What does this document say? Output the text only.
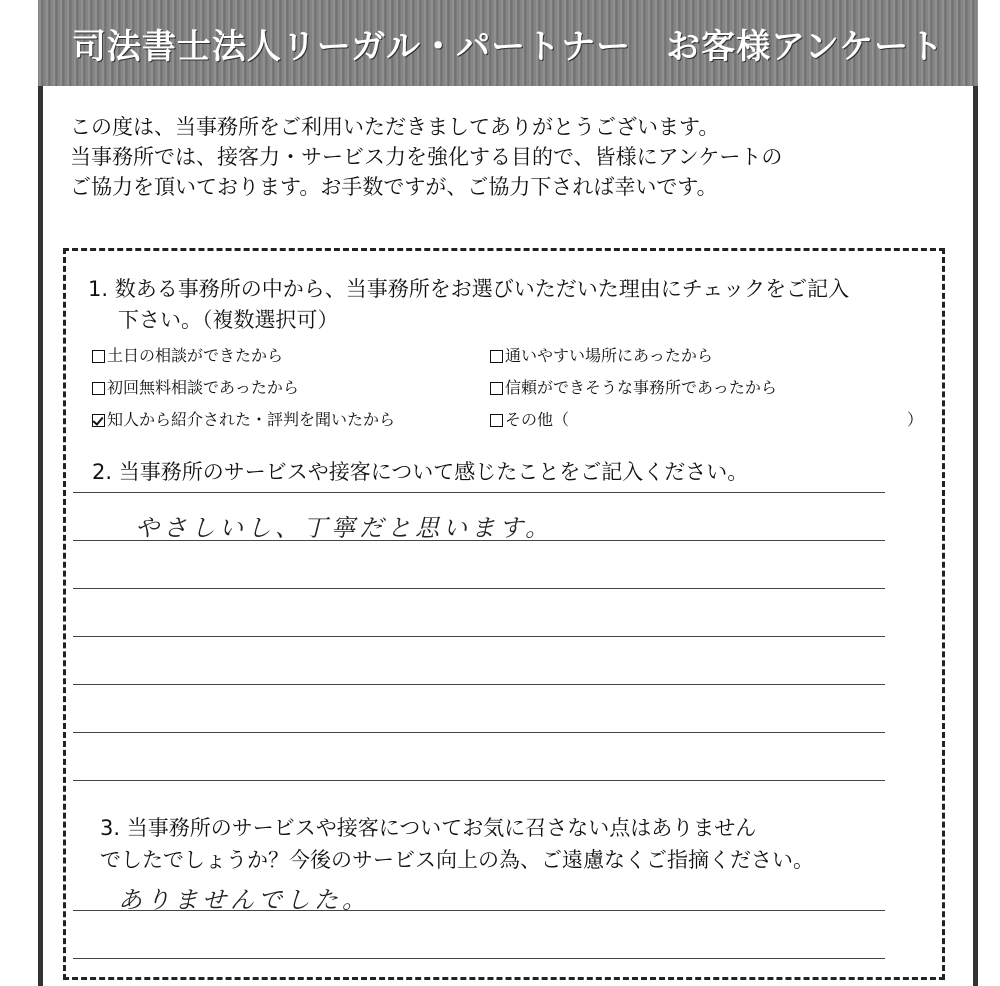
司法書士法人リーガル・パートナー　お客様アンケート

この度は、当事務所をご利用いただきましてありがとうございます。

当事務所では、接客力・サービス力を強化する目的で、皆様にアンケートの

ご協力を頂いております。お手数ですが、ご協力下されば幸いです。

1. 数ある事務所の中から、当事務所をお選びいただいた理由にチェックをご記入
下さい。（複数選択可）
土日の相談ができたから	通いやすい場所にあったから
初回無料相談であったから	信頼ができそうな事務所であったから
知人から紹介された・評判を聞いたから	その他（	）
2. 当事務所のサービスや接客について感じたことをご記入ください。
やさしいし、丁寧だと思います。
3. 当事務所のサービスや接客についてお気に召さない点はありません
でしたでしょうか？今後のサービス向上の為、ご遠慮なくご指摘ください。
ありませんでした。
